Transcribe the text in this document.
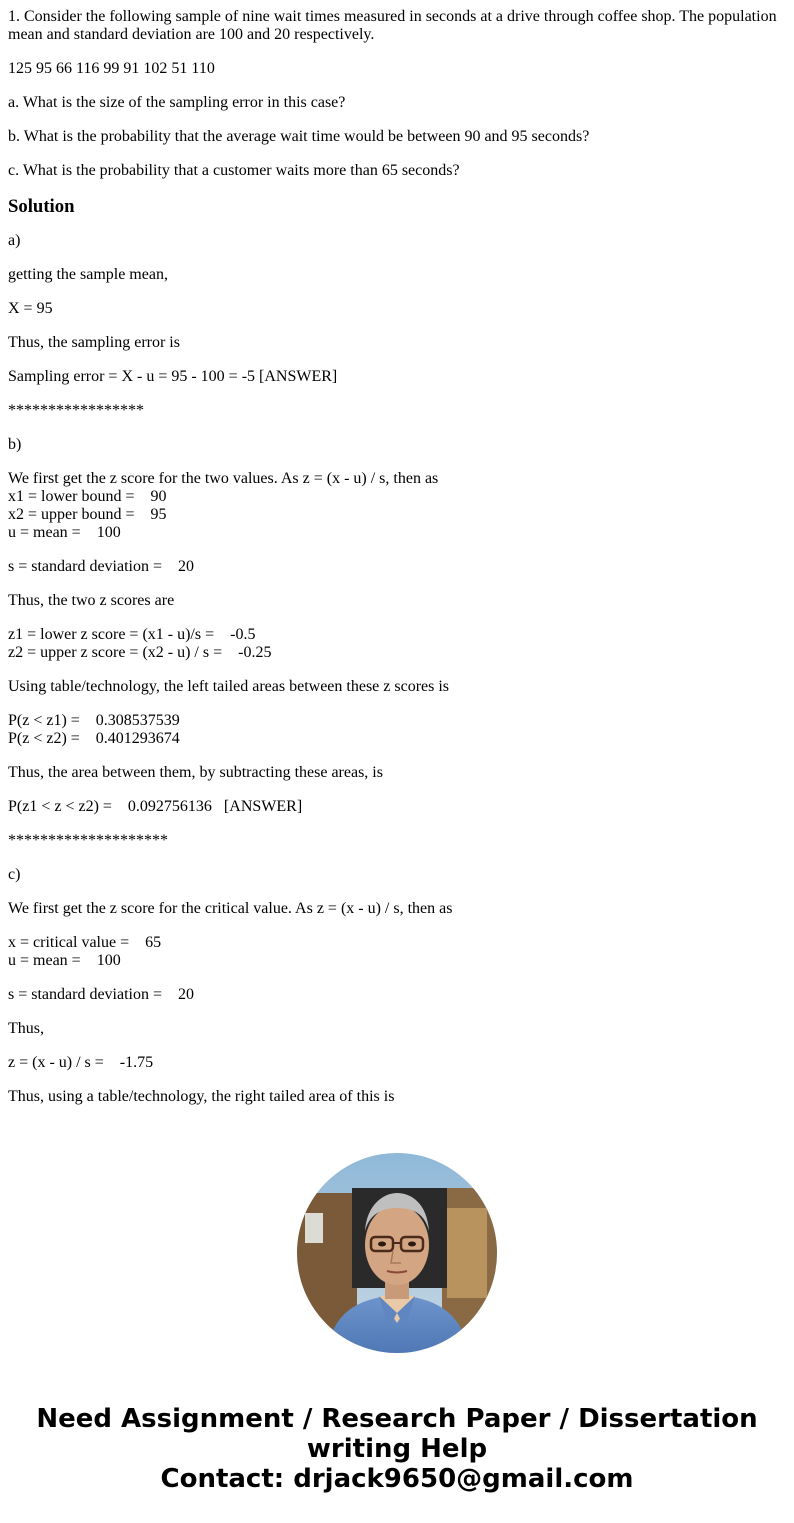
1. Consider the following sample of nine wait times measured in seconds at a drive through coffee shop. The population mean and standard deviation are 100 and 20 respectively.

125 95 66 116 99 91 102 51 110

a. What is the size of the sampling error in this case?

b. What is the probability that the average wait time would be between 90 and 95 seconds?

c. What is the probability that a customer waits more than 65 seconds?

Solution

a)

getting the sample mean,

X = 95

Thus, the sampling error is

Sampling error = X - u = 95 - 100 = -5 [ANSWER]

*****************

b)

We first get the z score for the two values. As z = (x - u) / s, then as
x1 = lower bound =    90
x2 = upper bound =    95
u = mean =    100

s = standard deviation =    20

Thus, the two z scores are

z1 = lower z score = (x1 - u)/s =    -0.5
z2 = upper z score = (x2 - u) / s =    -0.25

Using table/technology, the left tailed areas between these z scores is

P(z < z1) =    0.308537539
P(z < z2) =    0.401293674

Thus, the area between them, by subtracting these areas, is

P(z1 < z < z2) =    0.092756136   [ANSWER]

********************

c)

We first get the z score for the critical value. As z = (x - u) / s, then as

x = critical value =    65
u = mean =    100

s = standard deviation =    20

Thus,

z = (x - u) / s =    -1.75

Thus, using a table/technology, the right tailed area of this is

Need Assignment / Research Paper / Dissertation
writing Help
Contact: drjack9650@gmail.com
